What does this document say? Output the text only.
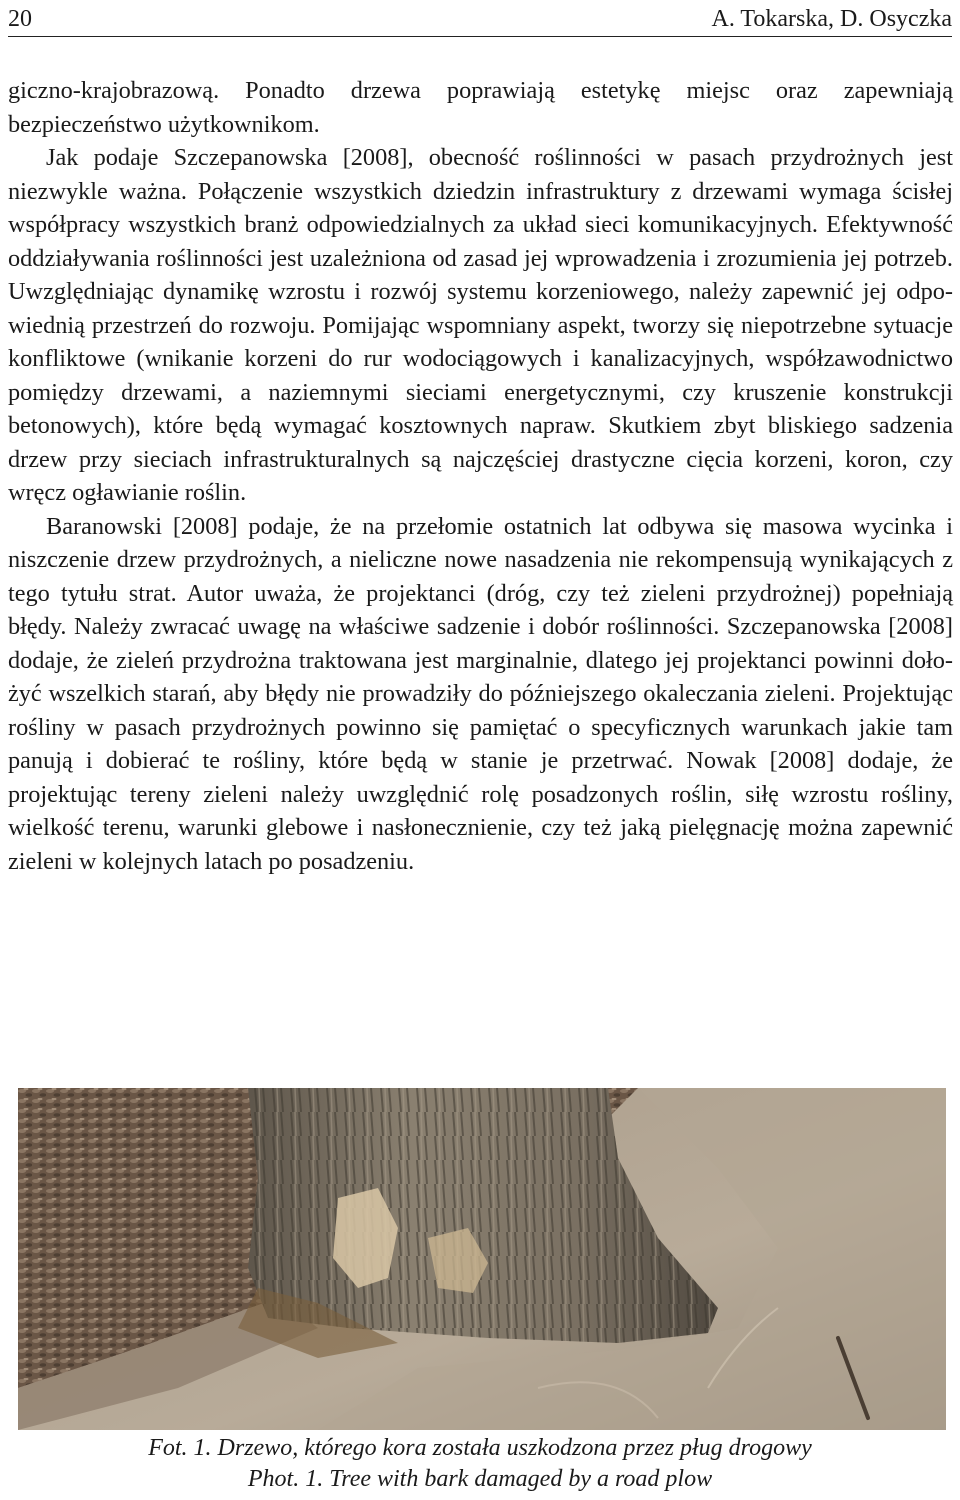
20	A. Tokarska, D. Osyczka

giczno-krajobrazową. Ponadto drzewa poprawiają estetykę miejsc oraz zapewniają bezpieczeństwo użytkownikom.

Jak podaje Szczepanowska [2008], obecność roślinności w pasach przydrożnych jest niezwykle ważna. Połączenie wszystkich dziedzin infrastruktury z drzewami wymaga ścisłej współpracy wszystkich branż odpowiedzialnych za układ sieci komunikacyjnych. Efektywność oddziaływania roślinności jest uzależniona od zasad jej wprowadzenia i zrozumienia jej potrzeb. Uwzględniając dynamikę wzrostu i rozwój systemu korzeniowego, należy zapewnić jej odpowiednią przestrzeń do rozwoju. Pomijając wspomniany aspekt, tworzy się niepotrzebne sytuacje konfliktowe (wnikanie korzeni do rur wodociągowych i kanalizacyjnych, współzawodnictwo pomiędzy drzewami, a naziemnymi sieciami energetycznymi, czy kruszenie konstrukcji betonowych), które będą wymagać kosztownych napraw. Skutkiem zbyt bliskiego sadzenia drzew przy sieciach infrastrukturalnych są najczęściej drastyczne cięcia korzeni, koron, czy wręcz ogławianie roślin.

Baranowski [2008] podaje, że na przełomie ostatnich lat odbywa się masowa wycinka i niszczenie drzew przydrożnych, a nieliczne nowe nasadzenia nie rekompensują wynikających z tego tytułu strat. Autor uważa, że projektanci (dróg, czy też zieleni przydrożnej) popełniają błędy. Należy zwracać uwagę na właściwe sadzenie i dobór roślinności. Szczepanowska [2008] dodaje, że zieleń przydrożna traktowana jest marginalnie, dlatego jej projektanci powinni dołożyć wszelkich starań, aby błędy nie prowadziły do późniejszego okaleczania zieleni. Projektując rośliny w pasach przydrożnych powinno się pamiętać o specyficznych warunkach jakie tam panują i dobierać te rośliny, które będą w stanie je przetrwać. Nowak [2008] dodaje, że projektując tereny zieleni należy uwzględnić rolę posadzonych roślin, siłę wzrostu rośliny, wielkość terenu, warunki glebowe i nasłonecznienie, czy też jaką pielęgnację można zapewnić zieleni w kolejnych latach po posadzeniu.

Fot. 1. Drzewo, którego kora została uszkodzona przez pług drogowy
Phot. 1. Tree with bark damaged by a road plow
